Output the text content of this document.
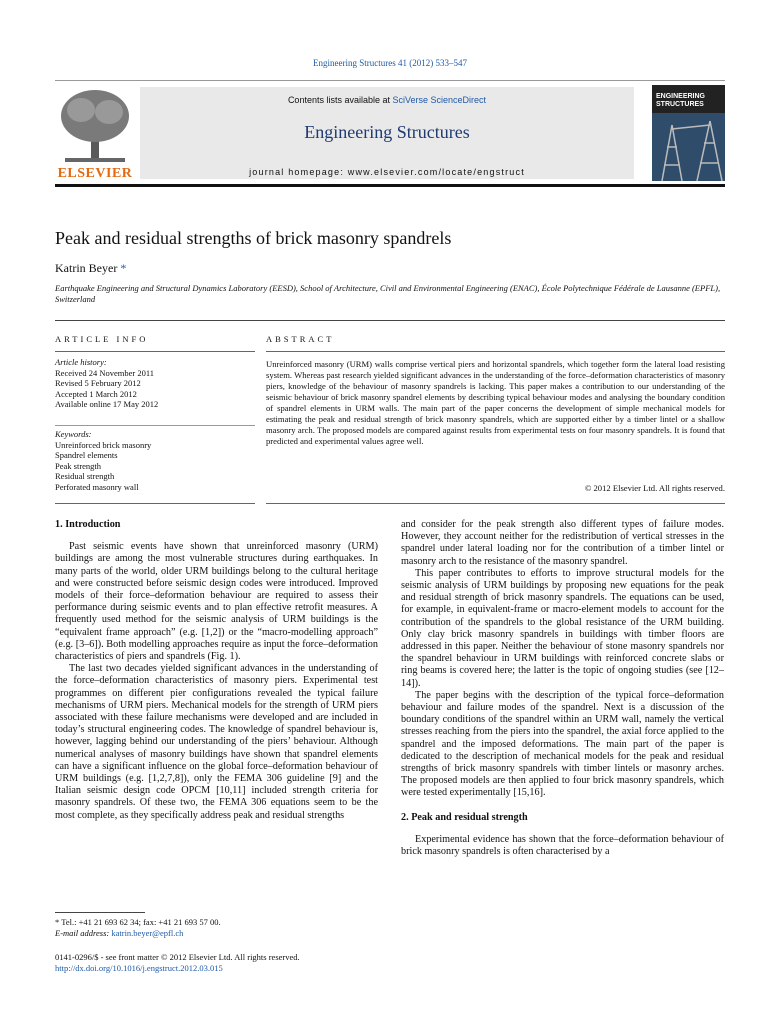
Engineering Structures 41 (2012) 533–547
ELSEVIER
Contents lists available at SciVerse ScienceDirect
Engineering Structures
journal homepage: www.elsevier.com/locate/engstruct
ENGINEERING
STRUCTURES
Peak and residual strengths of brick masonry spandrels
Katrin Beyer *
Earthquake Engineering and Structural Dynamics Laboratory (EESD), School of Architecture, Civil and Environmental Engineering (ENAC), École Polytechnique Fédérale de Lausanne (EPFL), Switzerland
ARTICLE INFO	ABSTRACT
Article history:
Received 24 November 2011
Revised 5 February 2012
Accepted 1 March 2012
Available online 17 May 2012
Keywords:
Unreinforced brick masonry
Spandrel elements
Peak strength
Residual strength
Perforated masonry wall
Unreinforced masonry (URM) walls comprise vertical piers and horizontal spandrels, which together form the lateral load resisting system. Whereas past research yielded significant advances in the understanding of the force–deformation characteristics of masonry piers, knowledge of the behaviour of masonry spandrels is lacking. This paper makes a contribution to our understanding of the seismic behaviour of brick masonry spandrel elements by describing typical behaviour modes and analysing the boundary condition of spandrel elements in URM walls. The main part of the paper concerns the development of simple mechanical models for estimating the peak and residual strength of brick masonry spandrels, which are supported either by a timber lintel or a shallow masonry arch. The proposed models are compared against results from experimental tests on four masonry spandrels. It is found that predicted and experimental values agree well.
© 2012 Elsevier Ltd. All rights reserved.
1. Introduction

Past seismic events have shown that unreinforced masonry (URM) buildings are among the most vulnerable structures during earthquakes. In many parts of the world, older URM buildings belong to the cultural heritage and were constructed before seismic design codes were introduced. Improved models of their force–deformation behaviour are required to assess their performance during seismic events and to plan effective retrofit measures. A frequently used method for the seismic analysis of URM buildings is the “equivalent frame approach” (e.g. [1,2]) or the “macro-modelling approach” (e.g. [3–6]). Both modelling approaches require as input the force–deformation characteristics of piers and spandrels (Fig. 1).

The last two decades yielded significant advances in the understanding of the force–deformation characteristics of masonry piers. Experimental test programmes on different pier configurations revealed the typical failure mechanisms of URM piers. Mechanical models for the strength of URM piers associated with these failure mechanisms were developed and are included in today’s structural engineering codes. The knowledge of spandrel behaviour is, however, lagging behind our understanding of the piers’ behaviour. Although numerical analyses of masonry buildings have shown that spandrel elements can have a significant influence on the global force–deformation behaviour of URM buildings (e.g. [1,2,7,8]), only the FEMA 306 guideline [9] and the Italian seismic design code OPCM [10,11] included strength criteria for masonry spandrels. Of these two, the FEMA 306 equations seem to be the most complete, as they specifically address peak and residual strengths

and consider for the peak strength also different types of failure modes. However, they account neither for the redistribution of vertical stresses in the spandrel under lateral loading nor for the contribution of a timber lintel or masonry arch to the resistance of the masonry spandrel.

This paper contributes to efforts to improve structural models for the seismic analysis of URM buildings by proposing new equations for the peak and residual strength of brick masonry spandrels. The equations can be used, for example, in equivalent-frame or macro-element models to account for the contribution of the spandrels to the global resistance of the URM building. Only clay brick masonry spandrels in buildings with timber floors are addressed in this paper. Neither the behaviour of stone masonry spandrels nor the spandrel behaviour in URM buildings with reinforced concrete slabs or ring beams is covered here; the latter is the topic of ongoing studies (see [12–14]).

The paper begins with the description of the typical force–deformation behaviour and failure modes of the spandrel. Next is a discussion of the boundary conditions of the spandrel within an URM wall, namely the vertical stresses reaching from the piers into the spandrel, the axial force applied to the spandrel and the imposed deformations. The main part of the paper is dedicated to the description of mechanical models for the peak and residual strengths of brick masonry spandrels with timber lintels or masonry arches. The proposed models are then applied to four brick masonry spandrels, which were tested experimentally [15,16].

2. Peak and residual strength

Experimental evidence has shown that the force–deformation behaviour of brick masonry spandrels is often characterised by a

* Tel.: +41 21 693 62 34; fax: +41 21 693 57 00.
E-mail address: katrin.beyer@epfl.ch
0141-0296/$ - see front matter © 2012 Elsevier Ltd. All rights reserved.
http://dx.doi.org/10.1016/j.engstruct.2012.03.015
